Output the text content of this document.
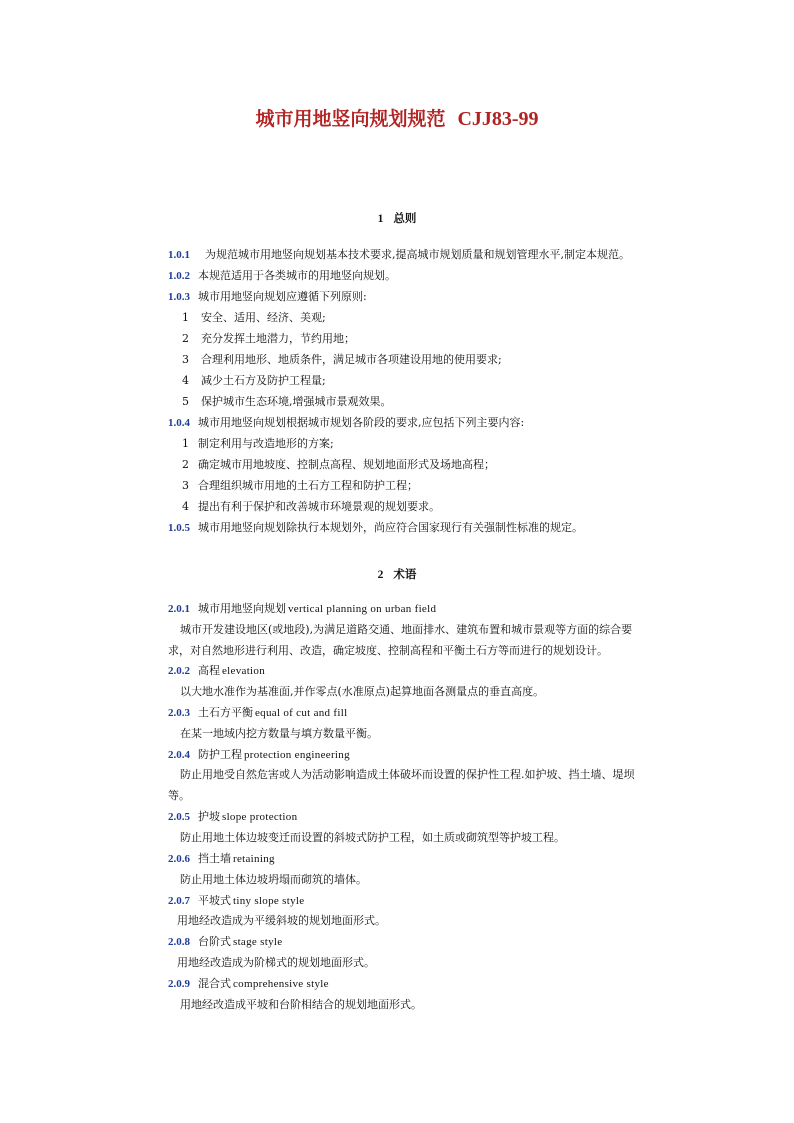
城市用地竖向规划规范 CJJ83-99
1 总则
1.0.1 为规范城市用地竖向规划基本技术要求,提高城市规划质量和规划管理水平,制定本规范。
1.0.2 本规范适用于各类城市的用地竖向规划。
1.0.3 城市用地竖向规划应遵循下列原则:
1 安全、适用、经济、美观;
2 充分发挥土地潜力，节约用地；
3 合理利用地形、地质条件，满足城市各项建设用地的使用要求;
4 减少土石方及防护工程量;
5 保护城市生态环境,增强城市景观效果。
1.0.4 城市用地竖向规划根据城市规划各阶段的要求,应包括下列主要内容:
1 制定利用与改造地形的方案;
2 确定城市用地坡度、控制点高程、规划地面形式及场地高程；
3 合理组织城市用地的土石方工程和防护工程；
4 提出有利于保护和改善城市环境景观的规划要求。
1.0.5 城市用地竖向规划除执行本规划外，尚应符合国家现行有关强制性标准的规定。
2 术语
2.0.1 城市用地竖向规划 vertical planning on urban field
城市开发建设地区(或地段),为满足道路交通、地面排水、建筑布置和城市景观等方面的综合要
求，对自然地形进行利用、改造，确定坡度、控制高程和平衡土石方等而进行的规划设计。
2.0.2 高程 elevation
以大地水准作为基准面,并作零点(水准原点)起算地面各测量点的垂直高度。
2.0.3 土石方平衡 equal of cut and fill
在某一地域内挖方数量与填方数量平衡。
2.0.4 防护工程 protection engineering
防止用地受自然危害或人为活动影响造成土体破坏而设置的保护性工程.如护坡、挡土墙、堤坝
等。
2.0.5 护坡 slope protection
防止用地土体边坡变迁而设置的斜坡式防护工程，如土质或砌筑型等护坡工程。
2.0.6 挡土墙 retaining
防止用地土体边坡坍塌而砌筑的墙体。
2.0.7 平坡式 tiny slope style
用地经改造成为平缓斜坡的规划地面形式。
2.0.8 台阶式 stage style
用地经改造成为阶梯式的规划地面形式。
2.0.9 混合式 comprehensive style
用地经改造成平坡和台阶相结合的规划地面形式。
